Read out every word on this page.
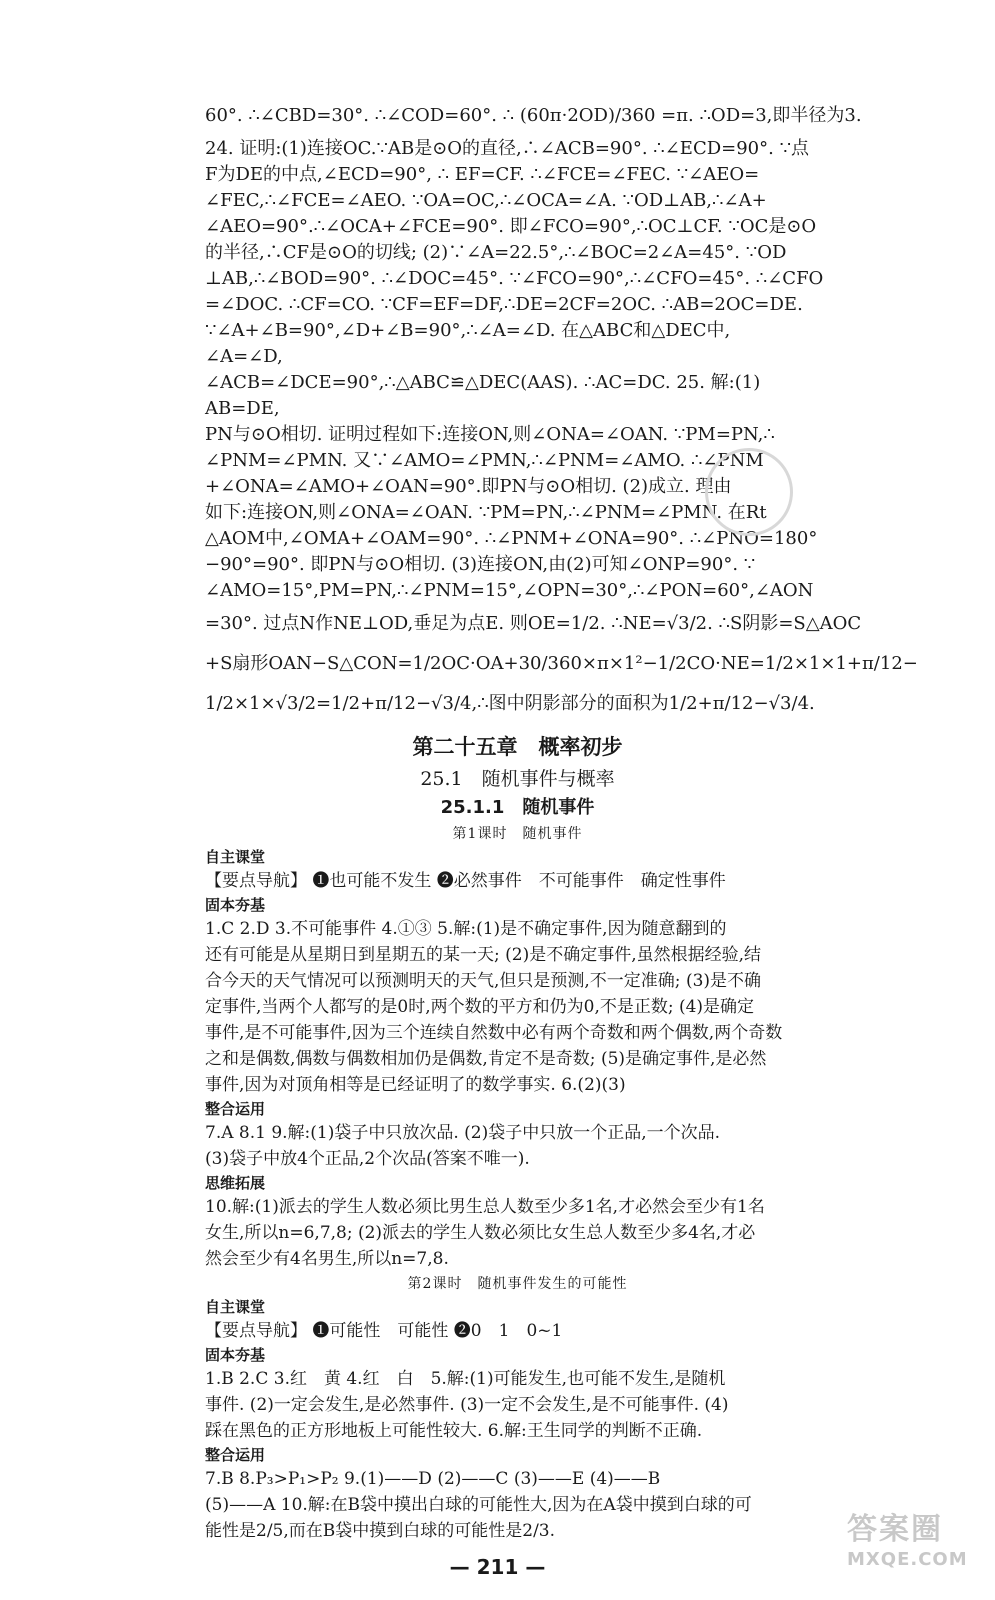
60°. ∴∠CBD=30°. ∴∠COD=60°. ∴ (60π·2OD)/360 =π. ∴OD=3,即半径为3.
24. 证明:(1)连接OC.∵AB是⊙O的直径,∴∠ACB=90°. ∴∠ECD=90°. ∵点
F为DE的中点,∠ECD=90°, ∴ EF=CF. ∴∠FCE=∠FEC. ∵∠AEO=
∠FEC,∴∠FCE=∠AEO. ∵OA=OC,∴∠OCA=∠A. ∵OD⊥AB,∴∠A+
∠AEO=90°.∴∠OCA+∠FCE=90°. 即∠FCO=90°,∴OC⊥CF. ∵OC是⊙O
的半径,∴CF是⊙O的切线; (2)∵∠A=22.5°,∴∠BOC=2∠A=45°. ∵OD
⊥AB,∴∠BOD=90°. ∴∠DOC=45°. ∵∠FCO=90°,∴∠CFO=45°. ∴∠CFO
=∠DOC. ∴CF=CO. ∵CF=EF=DF,∴DE=2CF=2OC. ∴AB=2OC=DE.
∵∠A+∠B=90°,∠D+∠B=90°,∴∠A=∠D. 在△ABC和△DEC中,
∠A=∠D,
∠ACB=∠DCE=90°,∴△ABC≌△DEC(AAS). ∴AC=DC. 25. 解:(1)
AB=DE,
PN与⊙O相切. 证明过程如下:连接ON,则∠ONA=∠OAN. ∵PM=PN,∴
∠PNM=∠PMN. 又∵∠AMO=∠PMN,∴∠PNM=∠AMO. ∴∠PNM
+∠ONA=∠AMO+∠OAN=90°.即PN与⊙O相切. (2)成立. 理由
如下:连接ON,则∠ONA=∠OAN. ∵PM=PN,∴∠PNM=∠PMN. 在Rt
△AOM中,∠OMA+∠OAM=90°. ∴∠PNM+∠ONA=90°. ∴∠PNO=180°
−90°=90°. 即PN与⊙O相切. (3)连接ON,由(2)可知∠ONP=90°. ∵
∠AMO=15°,PM=PN,∴∠PNM=15°,∠OPN=30°,∴∠PON=60°,∠AON
=30°. 过点N作NE⊥OD,垂足为点E. 则OE=1/2. ∴NE=√3/2. ∴S阴影=S△AOC
+S扇形OAN−S△CON=1/2OC·OA+30/360×π×1²−1/2CO·NE=1/2×1×1+π/12−
1/2×1×√3/2=1/2+π/12−√3/4,∴图中阴影部分的面积为1/2+π/12−√3/4.
第二十五章　概率初步
25.1　随机事件与概率
25.1.1　随机事件
第1课时　随机事件
自主课堂
【要点导航】 ❶也可能不发生 ❷必然事件　不可能事件　确定性事件
固本夯基
1.C 2.D 3.不可能事件 4.①③ 5.解:(1)是不确定事件,因为随意翻到的
还有可能是从星期日到星期五的某一天; (2)是不确定事件,虽然根据经验,结
合今天的天气情况可以预测明天的天气,但只是预测,不一定准确; (3)是不确
定事件,当两个人都写的是0时,两个数的平方和仍为0,不是正数; (4)是确定
事件,是不可能事件,因为三个连续自然数中必有两个奇数和两个偶数,两个奇数
之和是偶数,偶数与偶数相加仍是偶数,肯定不是奇数; (5)是确定事件,是必然
事件,因为对顶角相等是已经证明了的数学事实. 6.(2)(3)
整合运用
7.A 8.1 9.解:(1)袋子中只放次品. (2)袋子中只放一个正品,一个次品.
(3)袋子中放4个正品,2个次品(答案不唯一).
思维拓展
10.解:(1)派去的学生人数必须比男生总人数至少多1名,才必然会至少有1名
女生,所以n=6,7,8; (2)派去的学生人数必须比女生总人数至少多4名,才必
然会至少有4名男生,所以n=7,8.
第2课时　随机事件发生的可能性
自主课堂
【要点导航】 ❶可能性　可能性 ❷0　1　0~1
固本夯基
1.B 2.C 3.红　黄 4.红　白　5.解:(1)可能发生,也可能不发生,是随机
事件. (2)一定会发生,是必然事件. (3)一定不会发生,是不可能事件. (4)
踩在黑色的正方形地板上可能性较大. 6.解:王生同学的判断不正确.
整合运用
7.B 8.P₃>P₁>P₂ 9.(1)——D (2)——C (3)——E (4)——B
(5)——A 10.解:在B袋中摸出白球的可能性大,因为在A袋中摸到白球的可
能性是2/5,而在B袋中摸到白球的可能性是2/3.
— 211 —
答案圈
MXQE.COM
